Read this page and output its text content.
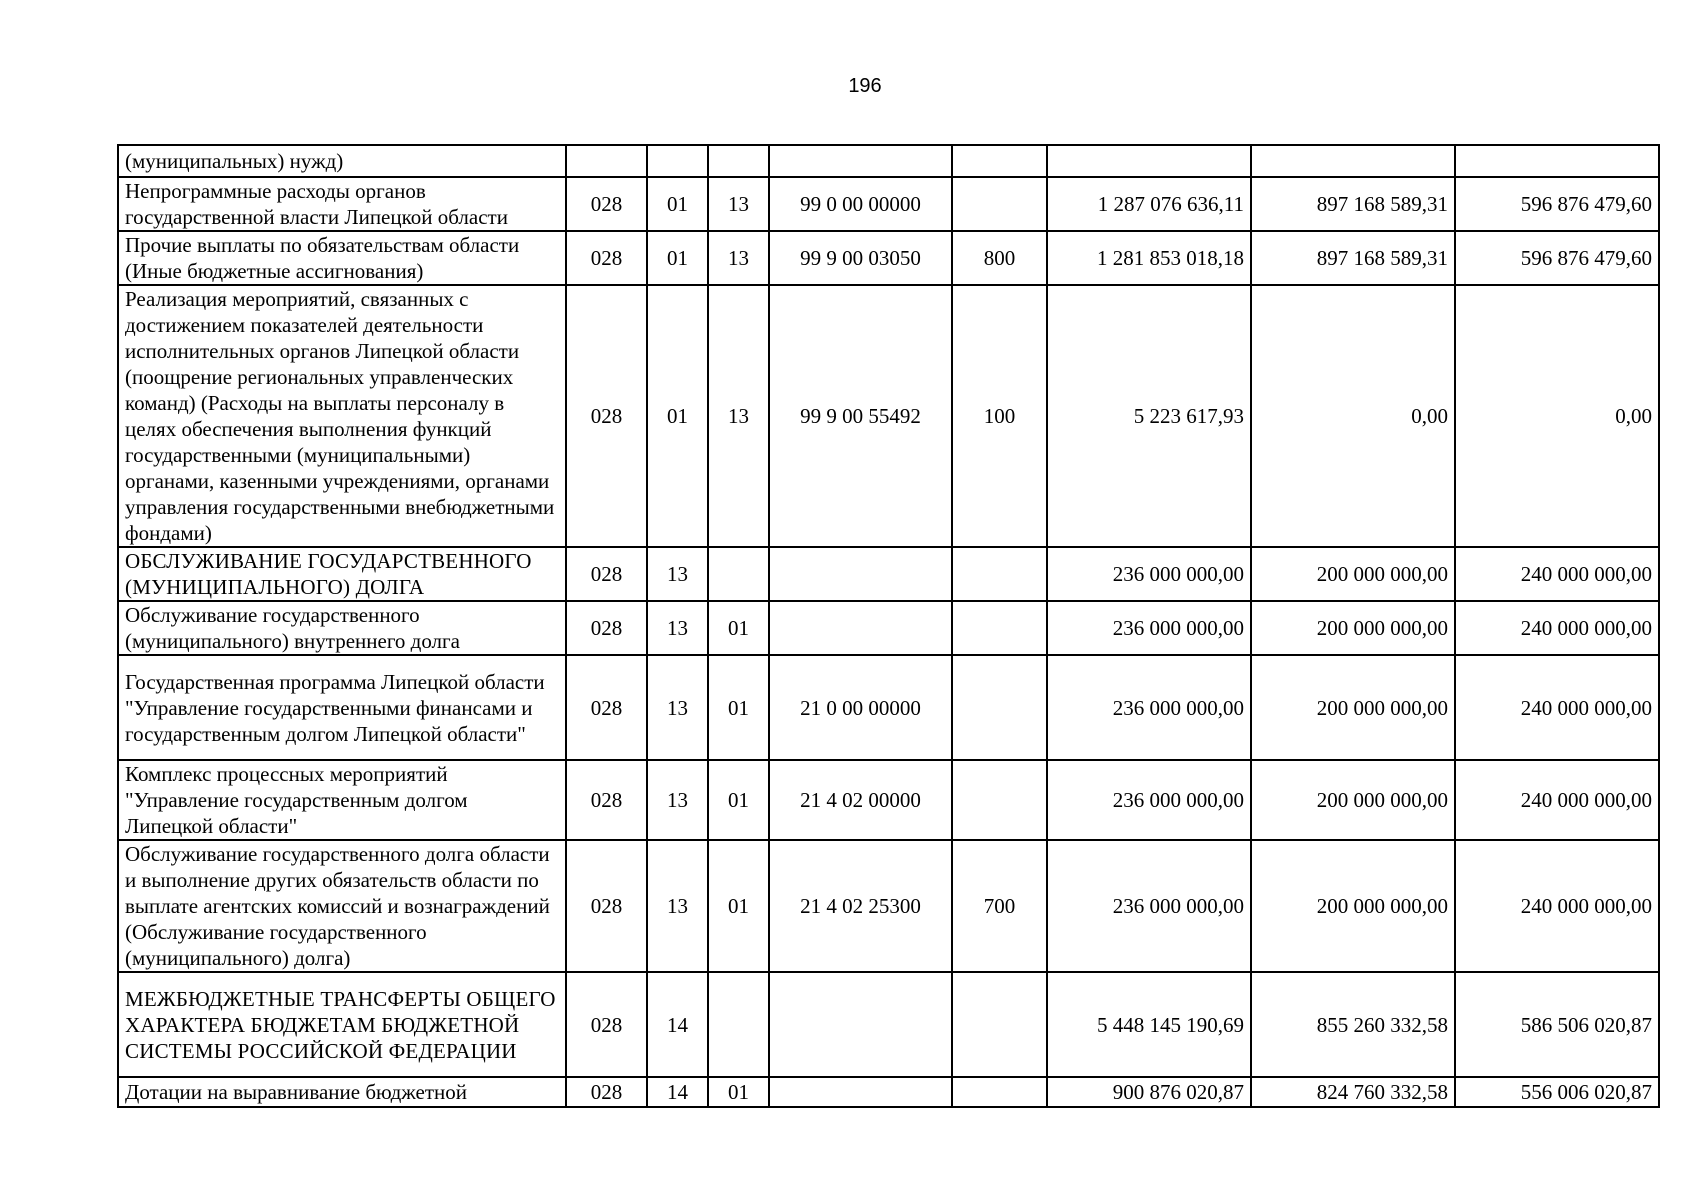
196
(муниципальных) нужд)								
Непрограммные расходы органов государственной власти Липецкой области	028	01	13	99 0 00 00000		1 287 076 636,11	897 168 589,31	596 876 479,60
Прочие выплаты по обязательствам области (Иные бюджетные ассигнования)	028	01	13	99 9 00 03050	800	1 281 853 018,18	897 168 589,31	596 876 479,60
Реализация мероприятий, связанных с достижением показателей деятельности исполнительных органов Липецкой области (поощрение региональных управленческих команд) (Расходы на выплаты персоналу в целях обеспечения выполнения функций государственными (муниципальными) органами, казенными учреждениями, органами управления государственными внебюджетными фондами)	028	01	13	99 9 00 55492	100	5 223 617,93	0,00	0,00
ОБСЛУЖИВАНИЕ ГОСУДАРСТВЕННОГО (МУНИЦИПАЛЬНОГО) ДОЛГА	028	13				236 000 000,00	200 000 000,00	240 000 000,00
Обслуживание государственного (муниципального) внутреннего долга	028	13	01			236 000 000,00	200 000 000,00	240 000 000,00
Государственная программа Липецкой области "Управление государственными финансами и государственным долгом Липецкой области"	028	13	01	21 0 00 00000		236 000 000,00	200 000 000,00	240 000 000,00
Комплекс процессных мероприятий "Управление государственным долгом Липецкой области"	028	13	01	21 4 02 00000		236 000 000,00	200 000 000,00	240 000 000,00
Обслуживание государственного долга области и выполнение других обязательств области по выплате агентских комиссий и вознаграждений (Обслуживание государственного (муниципального) долга)	028	13	01	21 4 02 25300	700	236 000 000,00	200 000 000,00	240 000 000,00
МЕЖБЮДЖЕТНЫЕ ТРАНСФЕРТЫ ОБЩЕГО ХАРАКТЕРА БЮДЖЕТАМ БЮДЖЕТНОЙ СИСТЕМЫ РОССИЙСКОЙ ФЕДЕРАЦИИ	028	14				5 448 145 190,69	855 260 332,58	586 506 020,87
Дотации на выравнивание бюджетной	028	14	01			900 876 020,87	824 760 332,58	556 006 020,87
